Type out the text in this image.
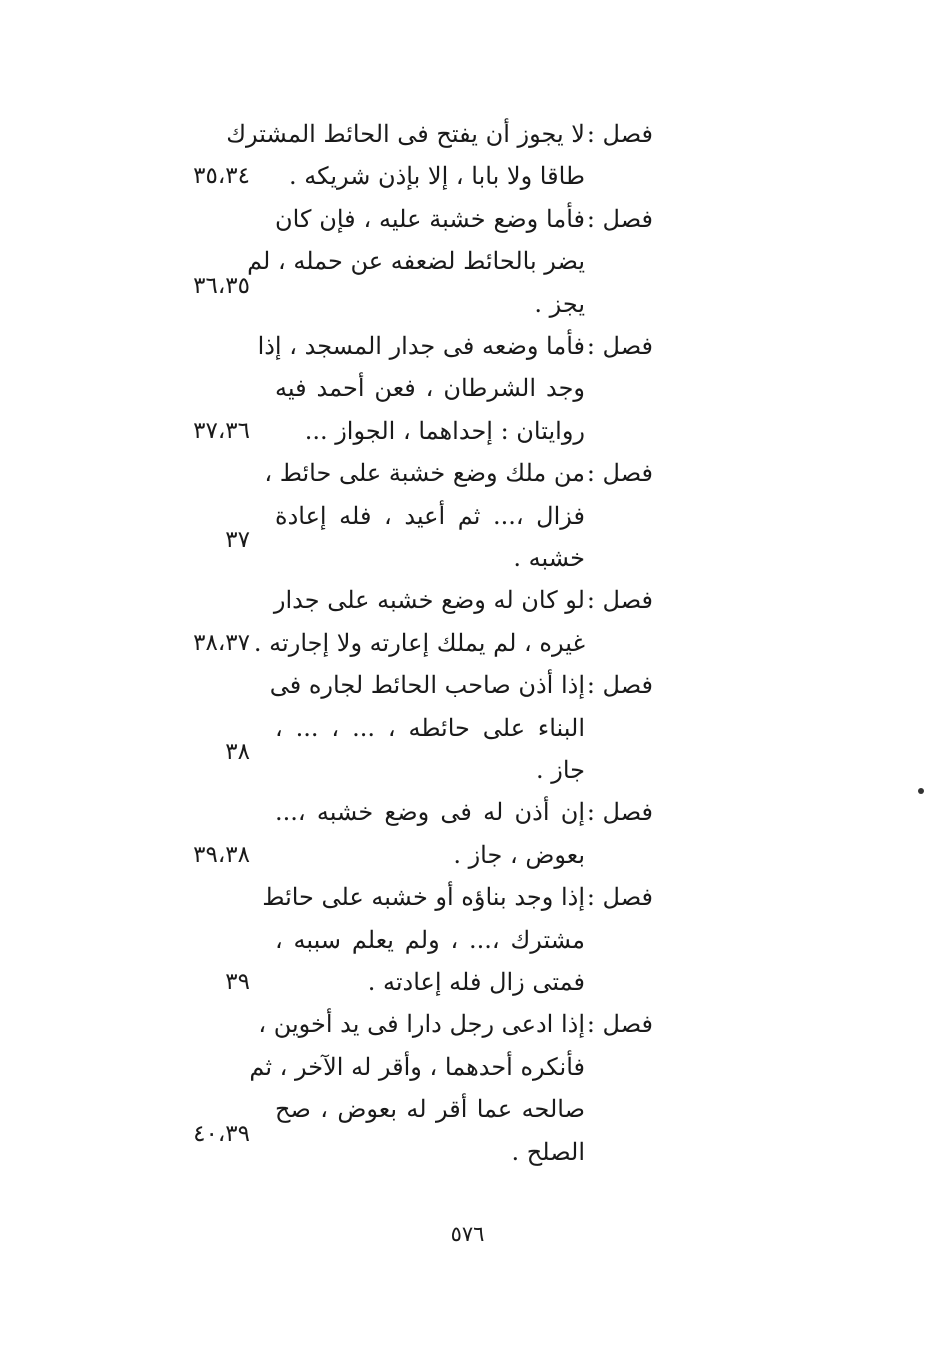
٥٧٦
فصل :
لا يجوز أن يفتح فى الحائط المشترك
طاقا ولا بابا ، إلا بإذن شريكه .
٣٥،٣٤
فصل :
فأما وضع خشبة عليه ، فإن كان
يضر بالحائط لضعفه عن حمله ، لم
يجز .
٣٦،٣٥
فصل :
فأما وضعه فى جدار المسجد ، إذا
وجد الشرطان ، فعن أحمد فيه
روايتان : إحداهما ، الجواز ...
٣٧،٣٦
فصل :
من ملك وضع خشبة على حائط ،
فزال ،... ثم أعيد ، فله إعادة
خشبه .
٣٧
فصل :
لو كان له وضع خشبه على جدار
غيره ، لم يملك إعارته ولا إجارته .
٣٨،٣٧
فصل :
إذا أذن صاحب الحائط لجاره فى
البناء على حائطه ، ... ، ... ،
جاز .
٣٨
فصل :
إن أذن له فى وضع خشبه ،...
بعوض ، جاز .
٣٩،٣٨
فصل :
إذا وجد بناؤه أو خشبه على حائط
مشترك ،... ، ولم يعلم سببه ،
فمتى زال فله إعادته .
٣٩
فصل :
إذا ادعى رجل دارا فى يد أخوين ،
فأنكره أحدهما ، وأقر له الآخر ، ثم
صالحه عما أقر له بعوض ، صح
الصلح .
٤٠،٣٩
